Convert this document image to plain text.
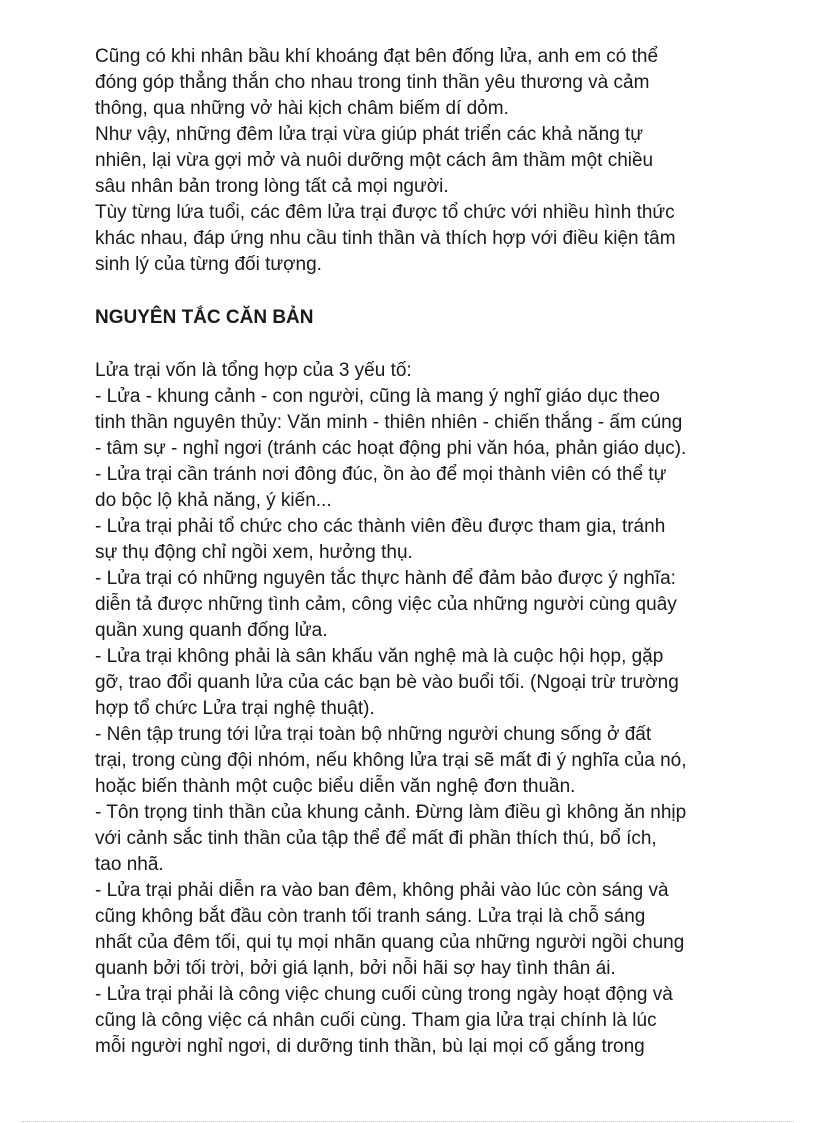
Cũng có khi nhân bầu khí khoáng đạt bên đống lửa, anh em có thể
đóng góp thẳng thắn cho nhau trong tinh thần yêu thương và cảm
thông, qua những vở hài kịch châm biếm dí dỏm.
Như vậy, những đêm lửa trại vừa giúp phát triển các khả năng tự
nhiên, lại vừa gợi mở và nuôi dưỡng một cách âm thầm một chiều
sâu nhân bản trong lòng tất cả mọi người.
Tùy từng lứa tuổi, các đêm lửa trại được tổ chức với nhiều hình thức
khác nhau, đáp ứng nhu cầu tinh thần và thích hợp với điều kiện tâm
sinh lý của từng đối tượng.
NGUYÊN TẮC CĂN BẢN
Lửa trại vốn là tổng hợp của 3 yếu tố:
- Lửa - khung cảnh - con người, cũng là mang ý nghĩ giáo dục theo
tinh thần nguyên thủy: Văn minh - thiên nhiên - chiến thắng - ấm cúng
- tâm sự - nghỉ ngơi (tránh các hoạt động phi văn hóa, phản giáo dục).
- Lửa trại cần tránh nơi đông đúc, ồn ào để mọi thành viên có thể tự
do bộc lộ khả năng, ý kiến...
- Lửa trại phải tổ chức cho các thành viên đều được tham gia, tránh
sự thụ động chỉ ngồi xem, hưởng thụ.
- Lửa trại có những nguyên tắc thực hành để đảm bảo được ý nghĩa:
diễn tả được những tình cảm, công việc của những người cùng quây
quần xung quanh đống lửa.
- Lửa trại không phải là sân khấu văn nghệ mà là cuộc hội họp, gặp
gỡ, trao đổi quanh lửa của các bạn bè vào buổi tối. (Ngoại trừ trường
hợp tổ chức Lửa trại nghệ thuật).
- Nên tập trung tới lửa trại toàn bộ những người chung sống ở đất
trại, trong cùng đội nhóm, nếu không lửa trại sẽ mất đi ý nghĩa của nó,
hoặc biến thành một cuộc biểu diễn văn nghệ đơn thuần.
- Tôn trọng tinh thần của khung cảnh. Đừng làm điều gì không ăn nhịp
với cảnh sắc tinh thần của tập thể để mất đi phần thích thú, bổ ích,
tao nhã.
- Lửa trại phải diễn ra vào ban đêm, không phải vào lúc còn sáng và
cũng không bắt đầu còn tranh tối tranh sáng. Lửa trại là chỗ sáng
nhất của đêm tối, qui tụ mọi nhãn quang của những người ngồi chung
quanh bởi tối trời, bởi giá lạnh, bởi nỗi hãi sợ hay tình thân ái.
- Lửa trại phải là công việc chung cuối cùng trong ngày hoạt động và
cũng là công việc cá nhân cuối cùng. Tham gia lửa trại chính là lúc
mỗi người nghỉ ngơi, di dưỡng tinh thần, bù lại mọi cố gắng trong
